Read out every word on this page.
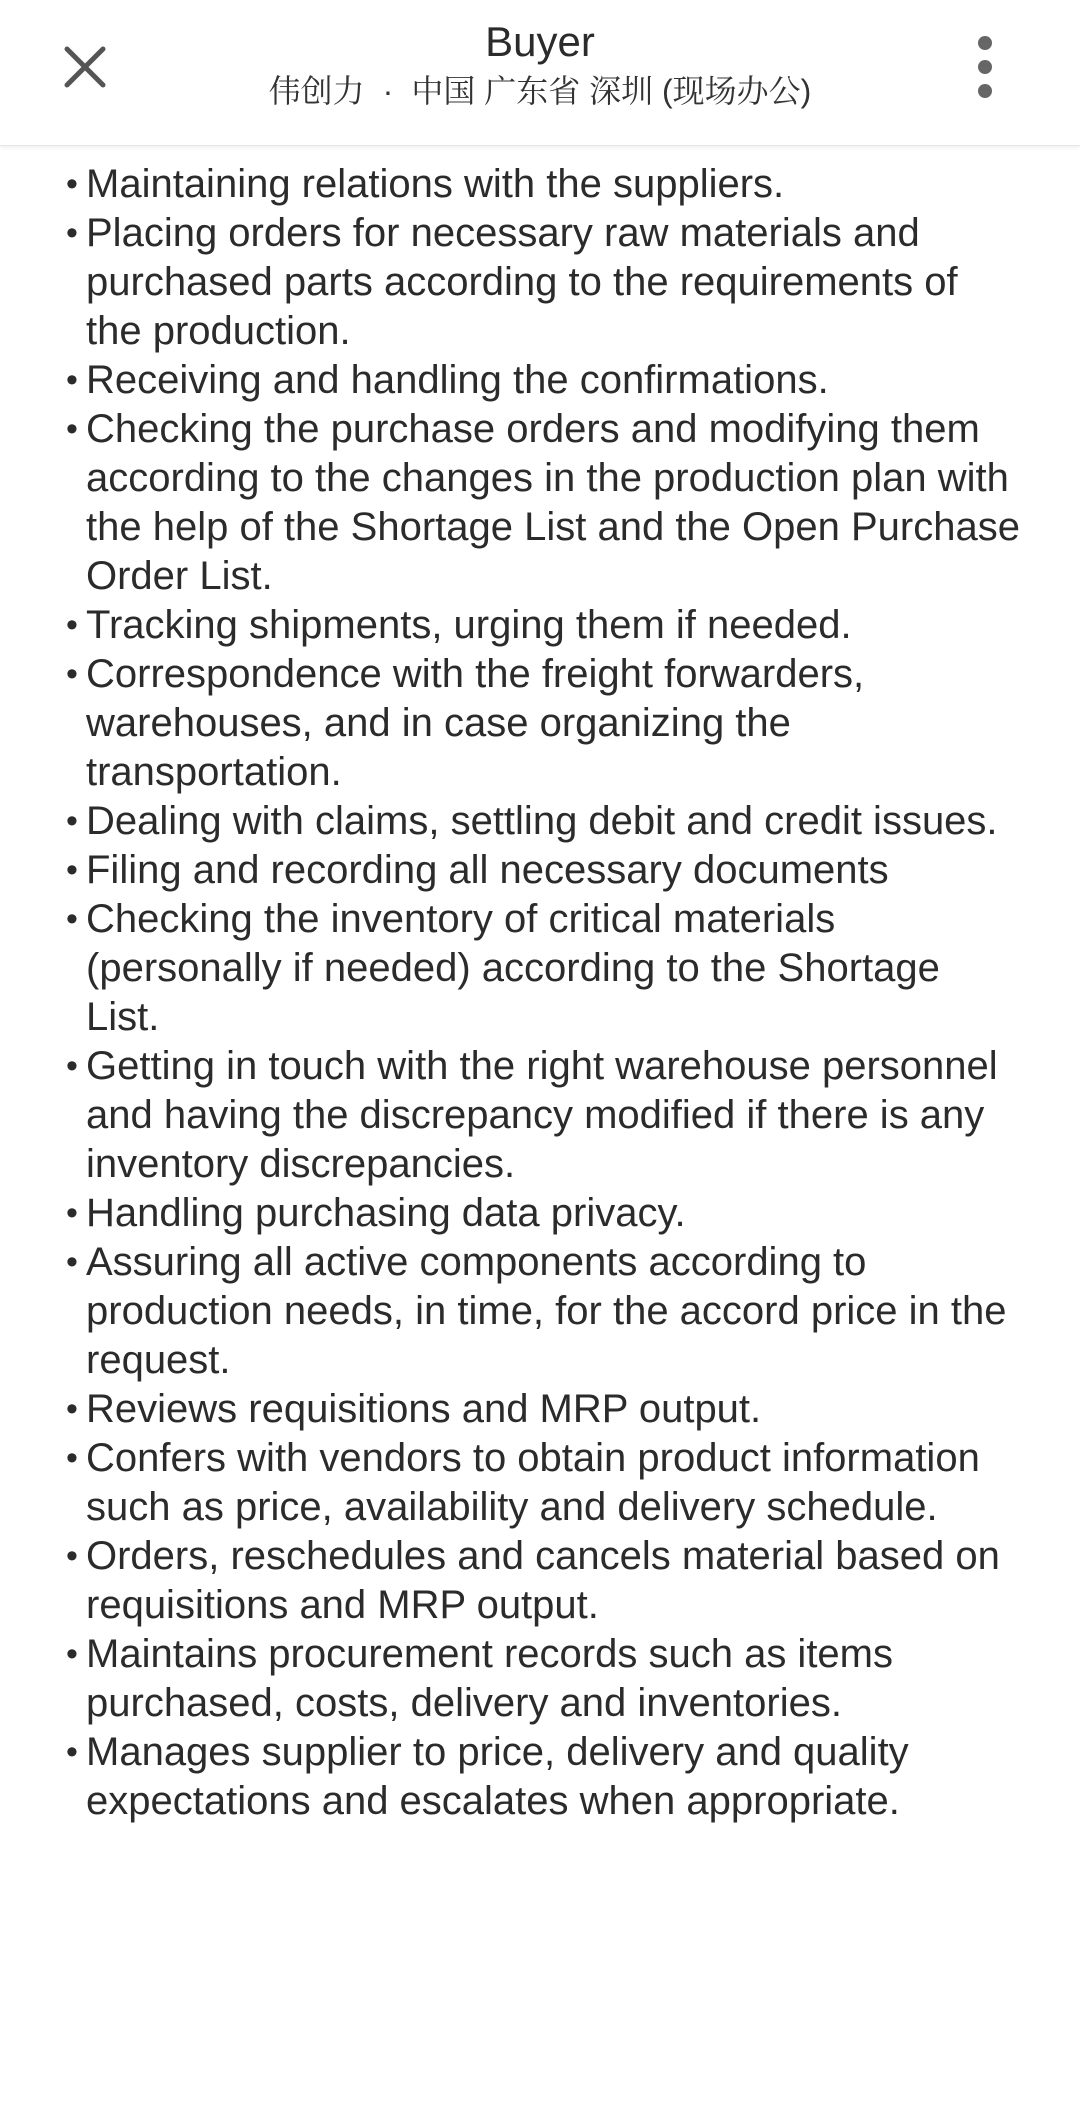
Buyer
伟创力 · 中国 广东省 深圳 (现场办公)
• Maintaining relations with the suppliers.
• Placing orders for necessary raw materials and purchased parts according to the requirements of the production.
• Receiving and handling the confirmations.
• Checking the purchase orders and modifying them according to the changes in the production plan with the help of the Shortage List and the Open Purchase Order List.
• Tracking shipments, urging them if needed.
• Correspondence with the freight forwarders, warehouses, and in case organizing the transportation.
• Dealing with claims, settling debit and credit issues.
• Filing and recording all necessary documents
• Checking the inventory of critical materials (personally if needed) according to the Shortage List.
• Getting in touch with the right warehouse personnel and having the discrepancy modified if there is any inventory discrepancies.
• Handling purchasing data privacy.
• Assuring all active components according to production needs, in time, for the accord price in the request.
• Reviews requisitions and MRP output.
• Confers with vendors to obtain product information such as price, availability and delivery schedule.
• Orders, reschedules and cancels material based on requisitions and MRP output.
• Maintains procurement records such as items purchased, costs, delivery and inventories.
• Manages supplier to price, delivery and quality expectations and escalates when appropriate.
